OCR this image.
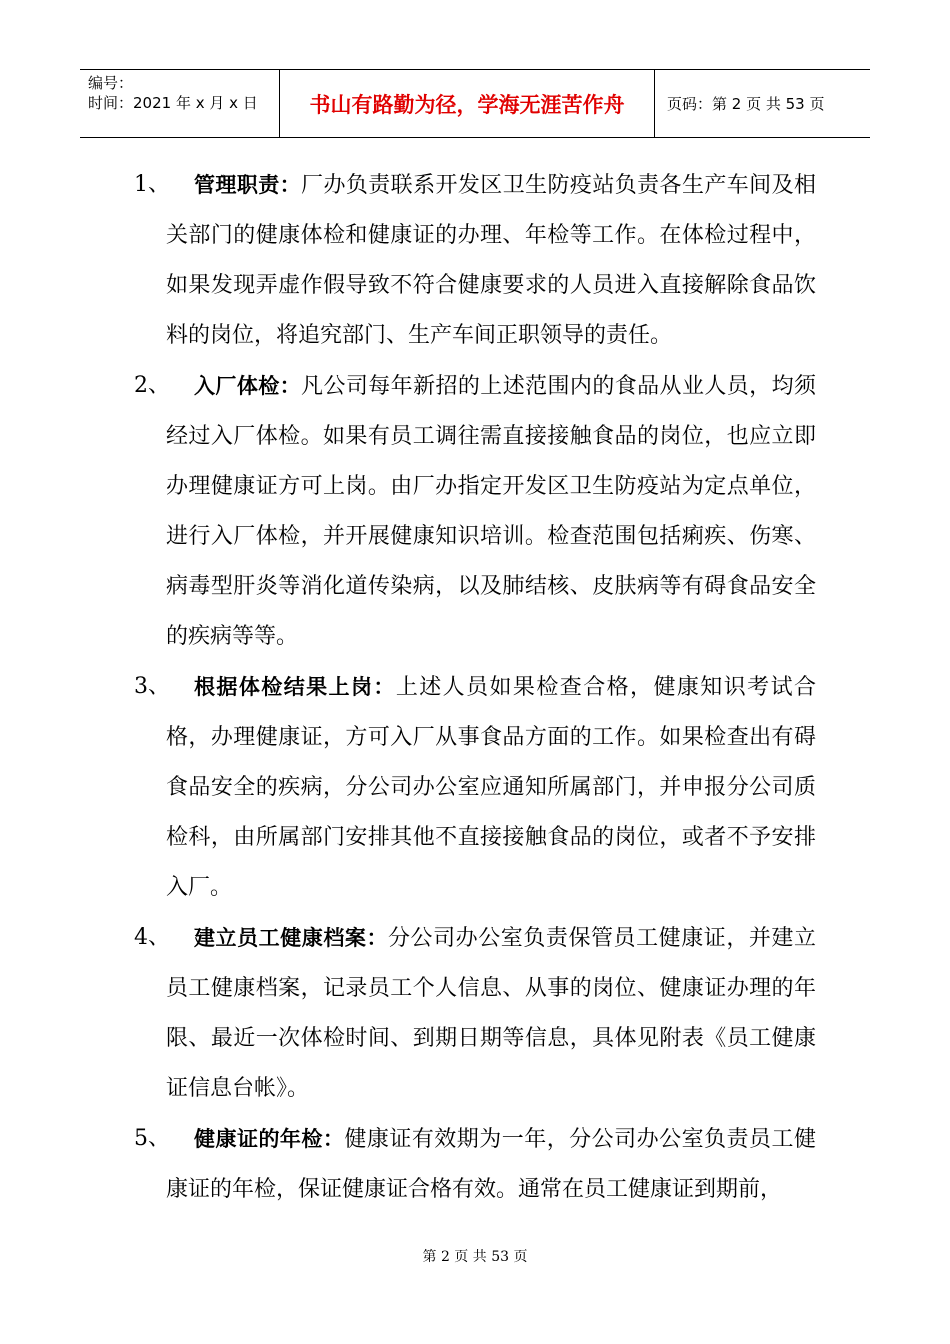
编号：
时间：2021 年 x 月 x 日	书山有路勤为径，学海无涯苦作舟	页码：第 2 页 共 53 页
1、	管理职责：厂办负责联系开发区卫生防疫站负责各生产车间及相关部门的健康体检和健康证的办理、年检等工作。在体检过程中，如果发现弄虚作假导致不符合健康要求的人员进入直接解除食品饮料的岗位，将追究部门、生产车间正职领导的责任。
2、	入厂体检：凡公司每年新招的上述范围内的食品从业人员，均须经过入厂体检。如果有员工调往需直接接触食品的岗位，也应立即办理健康证方可上岗。由厂办指定开发区卫生防疫站为定点单位，进行入厂体检，并开展健康知识培训。检查范围包括痢疾、伤寒、病毒型肝炎等消化道传染病，以及肺结核、皮肤病等有碍食品安全的疾病等等。
3、	根据体检结果上岗：上述人员如果检查合格，健康知识考试合格，办理健康证，方可入厂从事食品方面的工作。如果检查出有碍食品安全的疾病，分公司办公室应通知所属部门，并申报分公司质检科，由所属部门安排其他不直接接触食品的岗位，或者不予安排入厂。
4、	建立员工健康档案：分公司办公室负责保管员工健康证，并建立员工健康档案，记录员工个人信息、从事的岗位、健康证办理的年限、最近一次体检时间、到期日期等信息，具体见附表《员工健康证信息台帐》。
5、	健康证的年检：健康证有效期为一年，分公司办公室负责员工健康证的年检，保证健康证合格有效。通常在员工健康证到期前，
第 2 页 共 53 页
